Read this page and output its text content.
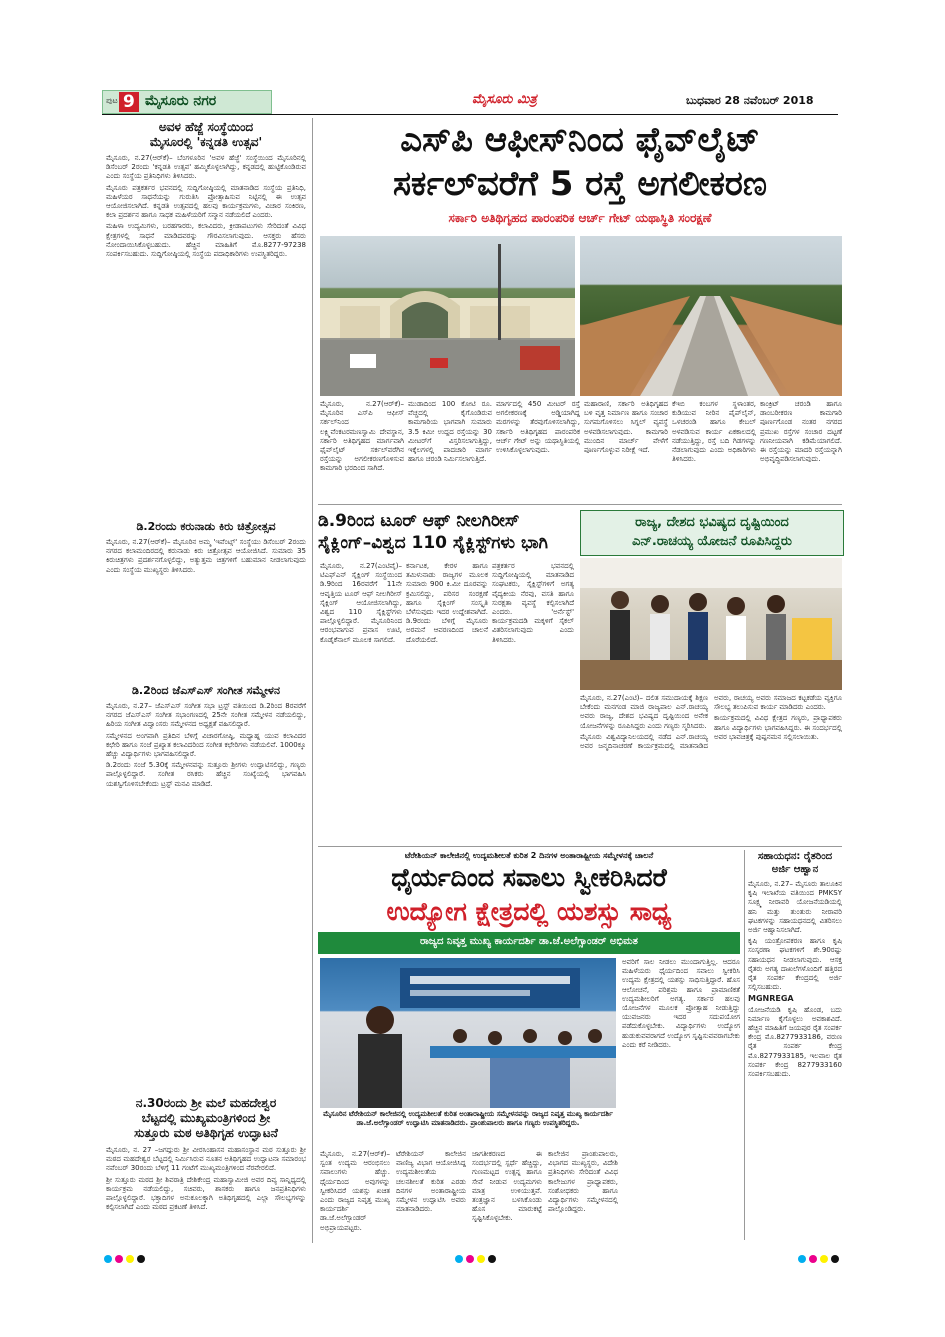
ಪುಟ 9 ಮೈಸೂರು ನಗರ	ಮೈಸೂರು ಮಿತ್ರ	ಬುಧವಾರ 28 ನವೆಂಬರ್ 2018
ಅವಳ ಹೆಜ್ಜೆ ಸಂಸ್ಥೆಯಿಂದ
ಮೈಸೂರಲ್ಲಿ 'ಕನ್ನಡತಿ ಉತ್ಸವ'

ಮೈಸೂರು, ನ.27(ಆರ್‌ಕೆ)– ಬೆಂಗಳೂರಿನ 'ಅವಳ ಹೆಜ್ಜೆ' ಸಂಸ್ಥೆಯಿಂದ ಮೈಸೂರಿನಲ್ಲಿ ಡಿಸೆಂಬರ್ 2ರಂದು 'ಕನ್ನಡತಿ ಉತ್ಸವ' ಹಮ್ಮಿಕೊಳ್ಳಲಾಗಿದ್ದು, ಕನ್ನಡದಲ್ಲಿ ಹುಟ್ಟಿಕೊಂಡಿರುವ ಎಂದು ಸಂಸ್ಥೆಯ ಪ್ರತಿನಿಧಿಗಳು ತಿಳಿಸಿದರು.

ಮೈಸೂರು ಪತ್ರಕರ್ತರ ಭವನದಲ್ಲಿ ಸುದ್ದಿಗೋಷ್ಠಿಯಲ್ಲಿ ಮಾತನಾಡಿದ ಸಂಸ್ಥೆಯ ಪ್ರತಿನಿಧಿ, ಮಹಿಳೆಯರ ಸಾಧನೆಯನ್ನು ಗುರುತಿಸಿ ಪ್ರೋತ್ಸಾಹಿಸುವ ನಿಟ್ಟಿನಲ್ಲಿ ಈ ಉತ್ಸವ ಆಯೋಜಿಸಲಾಗಿದೆ. ಕನ್ನಡತಿ ಉತ್ಸವದಲ್ಲಿ ಹಲವು ಕಾರ್ಯಕ್ರಮಗಳು, ವಿಚಾರ ಸಂಕಿರಣ, ಕಲಾ ಪ್ರದರ್ಶನ ಹಾಗೂ ಸಾಧಕ ಮಹಿಳೆಯರಿಗೆ ಸನ್ಮಾನ ನಡೆಯಲಿದೆ ಎಂದರು.

ಮಹಿಳಾ ಉದ್ಯಮಿಗಳು, ಬರಹಗಾರರು, ಕಲಾವಿದರು, ಕ್ರೀಡಾಪಟುಗಳು ಸೇರಿದಂತೆ ವಿವಿಧ ಕ್ಷೇತ್ರಗಳಲ್ಲಿ ಸಾಧನೆ ಮಾಡಿದವರನ್ನು ಗೌರವಿಸಲಾಗುವುದು. ಆಸಕ್ತರು ಹೆಸರು ನೋಂದಾಯಿಸಿಕೊಳ್ಳಬಹುದು. ಹೆಚ್ಚಿನ ಮಾಹಿತಿಗೆ ಮೊ.8277-97238 ಸಂಪರ್ಕಿಸಬಹುದು. ಸುದ್ದಿಗೋಷ್ಠಿಯಲ್ಲಿ ಸಂಸ್ಥೆಯ ಪದಾಧಿಕಾರಿಗಳು ಉಪಸ್ಥಿತರಿದ್ದರು.

ಡಿ.2ರಂದು ಕರುನಾಡು ಕಿರು ಚಿತ್ರೋತ್ಸವ

ಮೈಸೂರು, ನ.27(ಆರ್‌ಕೆ)– ಮೈಸೂರಿನ ಅಮ್ಮ 'ಇವೆಂಟ್ಸ್' ಸಂಸ್ಥೆಯು ಡಿಸೆಂಬರ್ 2ರಂದು ನಗರದ ಕಲಾಮಂದಿರದಲ್ಲಿ ಕರುನಾಡು ಕಿರು ಚಿತ್ರೋತ್ಸವ ಆಯೋಜಿಸಿದೆ. ಸುಮಾರು 35 ಕಿರುಚಿತ್ರಗಳು ಪ್ರದರ್ಶನಗೊಳ್ಳಲಿದ್ದು, ಅತ್ಯುತ್ತಮ ಚಿತ್ರಗಳಿಗೆ ಬಹುಮಾನ ನೀಡಲಾಗುವುದು ಎಂದು ಸಂಸ್ಥೆಯ ಮುಖ್ಯಸ್ಥರು ತಿಳಿಸಿದರು.

ಡಿ.2ರಿಂದ ಜೆಎಸ್‌ಎಸ್ ಸಂಗೀತ ಸಮ್ಮೇಳನ

ಮೈಸೂರು, ನ.27– ಜೆಎಸ್‌ಎಸ್ ಸಂಗೀತ ಸಭಾ ಟ್ರಸ್ಟ್ ವತಿಯಿಂದ ಡಿ.2ರಿಂದ 8ರವರೆಗೆ ನಗರದ ಜೆಎಸ್‌ಎಸ್ ಸಂಗೀತ ಸಭಾಂಗಣದಲ್ಲಿ 25ನೇ ಸಂಗೀತ ಸಮ್ಮೇಳನ ನಡೆಯಲಿದ್ದು, ಹಿರಿಯ ಸಂಗೀತ ವಿದ್ವಾಂಸರು ಸಮ್ಮೇಳನದ ಅಧ್ಯಕ್ಷತೆ ವಹಿಸಲಿದ್ದಾರೆ.

ಸಮ್ಮೇಳನದ ಅಂಗವಾಗಿ ಪ್ರತಿದಿನ ಬೆಳಿಗ್ಗೆ ವಿಚಾರಗೋಷ್ಠಿ, ಮಧ್ಯಾಹ್ನ ಯುವ ಕಲಾವಿದರ ಕಛೇರಿ ಹಾಗೂ ಸಂಜೆ ಪ್ರಖ್ಯಾತ ಕಲಾವಿದರಿಂದ ಸಂಗೀತ ಕಛೇರಿಗಳು ನಡೆಯಲಿವೆ. 1000ಕ್ಕೂ ಹೆಚ್ಚು ವಿದ್ಯಾರ್ಥಿಗಳು ಭಾಗವಹಿಸಲಿದ್ದಾರೆ.

ಡಿ.2ರಂದು ಸಂಜೆ 5.30ಕ್ಕೆ ಸಮ್ಮೇಳನವನ್ನು ಸುತ್ತೂರು ಶ್ರೀಗಳು ಉದ್ಘಾಟಿಸಲಿದ್ದು, ಗಣ್ಯರು ಪಾಲ್ಗೊಳ್ಳಲಿದ್ದಾರೆ. ಸಂಗೀತ ರಸಿಕರು ಹೆಚ್ಚಿನ ಸಂಖ್ಯೆಯಲ್ಲಿ ಭಾಗವಹಿಸಿ ಯಶಸ್ವಿಗೊಳಿಸಬೇಕೆಂದು ಟ್ರಸ್ಟ್ ಮನವಿ ಮಾಡಿದೆ.

ನ.30ರಂದು ಶ್ರೀ ಮಲೆ ಮಹದೇಶ್ವರ
ಬೆಟ್ಟದಲ್ಲಿ ಮುಖ್ಯಮಂತ್ರಿಗಳಿಂದ ಶ್ರೀ
ಸುತ್ತೂರು ಮಠ ಅತಿಥಿಗೃಹ ಉದ್ಘಾಟನೆ

ಮೈಸೂರು, ನ. 27 –ಜಗದ್ಗುರು ಶ್ರೀ ವೀರಸಿಂಹಾಸನ ಮಹಾಸಂಸ್ಥಾನ ಮಠ ಸುತ್ತೂರು ಶ್ರೀ ಮಠದ ಮಹದೇಶ್ವರ ಬೆಟ್ಟದಲ್ಲಿ ನಿರ್ಮಿಸಿರುವ ನೂತನ ಅತಿಥಿಗೃಹದ ಉದ್ಘಾಟನಾ ಸಮಾರಂಭ ನವೆಂಬರ್ 30ರಂದು ಬೆಳಿಗ್ಗೆ 11 ಗಂಟೆಗೆ ಮುಖ್ಯಮಂತ್ರಿಗಳಿಂದ ನೆರವೇರಲಿದೆ.

ಶ್ರೀ ಸುತ್ತೂರು ಮಠದ ಶ್ರೀ ಶಿವರಾತ್ರಿ ದೇಶಿಕೇಂದ್ರ ಮಹಾಸ್ವಾಮೀಜಿ ಅವರ ದಿವ್ಯ ಸಾನ್ನಿಧ್ಯದಲ್ಲಿ ಕಾರ್ಯಕ್ರಮ ನಡೆಯಲಿದ್ದು, ಸಚಿವರು, ಶಾಸಕರು ಹಾಗೂ ಜನಪ್ರತಿನಿಧಿಗಳು ಪಾಲ್ಗೊಳ್ಳಲಿದ್ದಾರೆ. ಭಕ್ತಾದಿಗಳ ಅನುಕೂಲಕ್ಕಾಗಿ ಅತಿಥಿಗೃಹದಲ್ಲಿ ಎಲ್ಲಾ ಸೌಲಭ್ಯಗಳನ್ನು ಕಲ್ಪಿಸಲಾಗಿದೆ ಎಂದು ಮಠದ ಪ್ರಕಟಣೆ ತಿಳಿಸಿದೆ.

ಎಸ್‌ಪಿ ಆಫೀಸ್‌ನಿಂದ ಫೈವ್‌ಲೈಟ್
ಸರ್ಕಲ್‌ವರೆಗೆ 5 ರಸ್ತೆ ಅಗಲೀಕರಣ
ಸರ್ಕಾರಿ ಅತಿಥಿಗೃಹದ ಪಾರಂಪರಿಕ ಆರ್ಚ್ ಗೇಟ್ ಯಥಾಸ್ಥಿತಿ ಸಂರಕ್ಷಣೆ
ಮೈಸೂರು, ನ.27(ಆರ್‌ಕೆ)–ಮೈಸೂರಿನ ಎಸ್‌ಪಿ ಆಫೀಸ್ ಸರ್ಕಲ್‌ನಿಂದ ಲಕ್ಷ್ಮಿವೆಂಕಟರಮಣಸ್ವಾಮಿ ದೇವಸ್ಥಾನ, ಸರ್ಕಾರಿ ಅತಿಥಿಗೃಹದ ಮಾರ್ಗವಾಗಿ ಫೈವ್‌ಲೈಟ್ ಸರ್ಕಲ್‌ವರೆಗಿನ ರಸ್ತೆಯನ್ನು ಅಗಲೀಕರಣಗೊಳಿಸುವ ಕಾಮಗಾರಿ ಭರದಿಂದ ಸಾಗಿದೆ.
ಮುಡಾದಿಂದ 100 ಕೋಟಿ ರೂ. ವೆಚ್ಚದಲ್ಲಿ ಕೈಗೊಂಡಿರುವ ಕಾಮಗಾರಿಯ ಭಾಗವಾಗಿ ಸುಮಾರು 3.5 ಕಿಮೀ ಉದ್ದದ ರಸ್ತೆಯನ್ನು 30 ಮೀಟರ್‌ಗೆ ವಿಸ್ತರಿಸಲಾಗುತ್ತಿದ್ದು, ಇಕ್ಕೆಲಗಳಲ್ಲಿ ಪಾದಚಾರಿ ಮಾರ್ಗ ಹಾಗೂ ಚರಂಡಿ ನಿರ್ಮಿಸಲಾಗುತ್ತಿದೆ.
ಮಾರ್ಗದಲ್ಲಿ 450 ಮೀಟರ್ ರಸ್ತೆ ಅಗಲೀಕರಣಕ್ಕೆ ಅಡ್ಡಿಯಾಗಿದ್ದ ಮರಗಳನ್ನು ತೆರವುಗೊಳಿಸಲಾಗಿದ್ದು, ಸರ್ಕಾರಿ ಅತಿಥಿಗೃಹದ ಪಾರಂಪರಿಕ ಆರ್ಚ್ ಗೇಟ್ ಅನ್ನು ಯಥಾಸ್ಥಿತಿಯಲ್ಲಿ ಉಳಿಸಿಕೊಳ್ಳಲಾಗುವುದು.
ಮಹಾರಾಣಿ, ಸರ್ಕಾರಿ ಅತಿಥಿಗೃಹದ ಬಳಿ ವೃತ್ತ ನಿರ್ಮಾಣ ಹಾಗೂ ಸಂಚಾರ ಸುಗಮಗೊಳಿಸಲು ಸಿಗ್ನಲ್ ವ್ಯವಸ್ಥೆ ಅಳವಡಿಸಲಾಗುವುದು. ಕಾಮಗಾರಿ ಮುಂದಿನ ಮಾರ್ಚ್ ವೇಳೆಗೆ ಪೂರ್ಣಗೊಳ್ಳುವ ನಿರೀಕ್ಷೆ ಇದೆ.
ಕೆಇಬಿ ಕಂಬಗಳ ಸ್ಥಳಾಂತರ, ಕುಡಿಯುವ ನೀರಿನ ಪೈಪ್‌ಲೈನ್, ಒಳಚರಂಡಿ ಹಾಗೂ ಕೇಬಲ್ ಅಳವಡಿಸುವ ಕಾರ್ಯ ಏಕಕಾಲದಲ್ಲಿ ನಡೆಯುತ್ತಿದ್ದು, ರಸ್ತೆ ಬದಿ ಗಿಡಗಳನ್ನು ನೆಡಲಾಗುವುದು ಎಂದು ಅಧಿಕಾರಿಗಳು ತಿಳಿಸಿದರು.
ಕಾಂಕ್ರಿಟ್ ಚರಂಡಿ ಹಾಗೂ ಡಾಂಬರೀಕರಣ ಕಾಮಗಾರಿ ಪೂರ್ಣಗೊಂಡ ನಂತರ ನಗರದ ಪ್ರಮುಖ ರಸ್ತೆಗಳ ಸಂಚಾರ ದಟ್ಟಣೆ ಗಣನೀಯವಾಗಿ ಕಡಿಮೆಯಾಗಲಿದೆ. ಈ ರಸ್ತೆಯನ್ನು ಮಾದರಿ ರಸ್ತೆಯನ್ನಾಗಿ ಅಭಿವೃದ್ಧಿಪಡಿಸಲಾಗುವುದು.
ಡಿ.9ರಿಂದ ಟೂರ್ ಆಫ್ ನೀಲಗಿರೀಸ್
ಸೈಕ್ಲಿಂಗ್–ವಿಶ್ವದ 110 ಸೈಕ್ಲಿಸ್ಟ್‌ಗಳು ಭಾಗಿ
ಮೈಸೂರು, ನ.27(ಎಂಟಿವೈ)– ಟಿಎಫ್‌ಎನ್ ಸೈಕ್ಲಿಂಗ್ ಸಂಸ್ಥೆಯಿಂದ ಡಿ.9ರಿಂದ 16ರವರೆಗೆ 11ನೇ ಆವೃತ್ತಿಯ ಟೂರ್ ಆಫ್ ನೀಲಗಿರೀಸ್ ಸೈಕ್ಲಿಂಗ್ ಆಯೋಜಿಸಲಾಗಿದ್ದು, ವಿಶ್ವದ 110 ಸೈಕ್ಲಿಸ್ಟ್‌ಗಳು ಪಾಲ್ಗೊಳ್ಳಲಿದ್ದಾರೆ. ಮೈಸೂರಿನಿಂದ ಆರಂಭವಾಗುವ ಪ್ರವಾಸ ಊಟಿ, ಕೊಡೈಕೆನಾಲ್ ಮೂಲಕ ಸಾಗಲಿದೆ.
ಕರ್ನಾಟಕ, ಕೇರಳ ಹಾಗೂ ತಮಿಳುನಾಡು ರಾಜ್ಯಗಳ ಮೂಲಕ ಸುಮಾರು 900 ಕಿ.ಮೀ ದೂರವನ್ನು ಕ್ರಮಿಸಲಿದ್ದು, ಪರಿಸರ ಸಂರಕ್ಷಣೆ ಹಾಗೂ ಸೈಕ್ಲಿಂಗ್ ಸಂಸ್ಕೃತಿ ಬೆಳೆಸುವುದು ಇದರ ಉದ್ದೇಶವಾಗಿದೆ. ಡಿ.9ರಂದು ಬೆಳಿಗ್ಗೆ ಮೈಸೂರು ಅರಮನೆ ಆವರಣದಿಂದ ಚಾಲನೆ ದೊರೆಯಲಿದೆ.
ಪತ್ರಕರ್ತರ ಭವನದಲ್ಲಿ ಸುದ್ದಿಗೋಷ್ಠಿಯಲ್ಲಿ ಮಾತನಾಡಿದ ಸಂಘಟಕರು, ಸೈಕ್ಲಿಸ್ಟ್‌ಗಳಿಗೆ ಅಗತ್ಯ ವೈದ್ಯಕೀಯ ನೆರವು, ವಸತಿ ಹಾಗೂ ಸುರಕ್ಷತಾ ವ್ಯವಸ್ಥೆ ಕಲ್ಪಿಸಲಾಗಿದೆ ಎಂದರು. 'ಅರ್ನೆಸ್ಟ್' ಕಾರ್ಯಕ್ರಮದಡಿ ಮಕ್ಕಳಿಗೆ ಸೈಕಲ್ ವಿತರಿಸಲಾಗುವುದು ಎಂದು ತಿಳಿಸಿದರು.
ರಾಜ್ಯ, ದೇಶದ ಭವಿಷ್ಯದ ದೃಷ್ಟಿಯಿಂದ
ಎನ್.ರಾಚಯ್ಯ ಯೋಜನೆ ರೂಪಿಸಿದ್ದರು

ಮೈಸೂರು, ನ.27(ಎಂಟಿ)– ದಲಿತ ಸಮುದಾಯಕ್ಕೆ ಶಿಕ್ಷಣ ಬೇಕೆಂದು ಮನಗಂಡ ಮಾಜಿ ರಾಜ್ಯಪಾಲ ಎನ್.ರಾಚಯ್ಯ ಅವರು ರಾಜ್ಯ, ದೇಶದ ಭವಿಷ್ಯದ ದೃಷ್ಟಿಯಿಂದ ಅನೇಕ ಯೋಜನೆಗಳನ್ನು ರೂಪಿಸಿದ್ದರು ಎಂದು ಗಣ್ಯರು ಸ್ಮರಿಸಿದರು.

ಮೈಸೂರು ವಿಶ್ವವಿದ್ಯಾನಿಲಯದಲ್ಲಿ ನಡೆದ ಎನ್.ರಾಚಯ್ಯ ಅವರ ಜನ್ಮದಿನಾಚರಣೆ ಕಾರ್ಯಕ್ರಮದಲ್ಲಿ ಮಾತನಾಡಿದ ಅವರು, ರಾಚಯ್ಯ ಅವರು ಸಮಾಜದ ಕಟ್ಟಕಡೆಯ ವ್ಯಕ್ತಿಗೂ ಸೌಲಭ್ಯ ತಲುಪಿಸುವ ಕಾರ್ಯ ಮಾಡಿದರು ಎಂದರು.

ಕಾರ್ಯಕ್ರಮದಲ್ಲಿ ವಿವಿಧ ಕ್ಷೇತ್ರದ ಗಣ್ಯರು, ಪ್ರಾಧ್ಯಾಪಕರು ಹಾಗೂ ವಿದ್ಯಾರ್ಥಿಗಳು ಭಾಗವಹಿಸಿದ್ದರು. ಈ ಸಂದರ್ಭದಲ್ಲಿ ಅವರ ಭಾವಚಿತ್ರಕ್ಕೆ ಪುಷ್ಪನಮನ ಸಲ್ಲಿಸಲಾಯಿತು.

ಟೆರೇಶಿಯನ್ ಕಾಲೇಜಿನಲ್ಲಿ ಉದ್ಯಮಶೀಲತೆ ಕುರಿತ 2 ದಿನಗಳ ಅಂತಾರಾಷ್ಟ್ರೀಯ ಸಮ್ಮೇಳನಕ್ಕೆ ಚಾಲನೆ
ಧೈರ್ಯದಿಂದ ಸವಾಲು ಸ್ವೀಕರಿಸಿದರೆ
ಉದ್ಯೋಗ ಕ್ಷೇತ್ರದಲ್ಲಿ ಯಶಸ್ಸು ಸಾಧ್ಯ
ರಾಜ್ಯದ ನಿವೃತ್ತ ಮುಖ್ಯ ಕಾರ್ಯದರ್ಶಿ ಡಾ.ಜೆ.ಅಲೆಗ್ಸಾಂಡರ್ ಅಭಿಮತ
ಮೈಸೂರಿನ ಟೆರೇಶಿಯನ್ ಕಾಲೇಜಿನಲ್ಲಿ ಉದ್ಯಮಶೀಲತೆ ಕುರಿತ ಅಂತಾರಾಷ್ಟ್ರೀಯ ಸಮ್ಮೇಳನವನ್ನು ರಾಜ್ಯದ ನಿವೃತ್ತ ಮುಖ್ಯ ಕಾರ್ಯದರ್ಶಿ ಡಾ.ಜೆ.ಅಲೆಗ್ಸಾಂಡರ್ ಉದ್ಘಾಟಿಸಿ ಮಾತನಾಡಿದರು. ಪ್ರಾಂಶುಪಾಲರು ಹಾಗೂ ಗಣ್ಯರು ಉಪಸ್ಥಿತರಿದ್ದರು.
ಅವರಿಗೆ ಸಾಲ ನೀಡಲು ಮುಂದಾಗುತ್ತಿಲ್ಲ. ಆದರೂ ಮಹಿಳೆಯರು ಧೈರ್ಯದಿಂದ ಸವಾಲು ಸ್ವೀಕರಿಸಿ ಉದ್ಯಮ ಕ್ಷೇತ್ರದಲ್ಲಿ ಯಶಸ್ಸು ಸಾಧಿಸುತ್ತಿದ್ದಾರೆ. ಹೊಸ ಆಲೋಚನೆ, ಪರಿಶ್ರಮ ಹಾಗೂ ಪ್ರಾಮಾಣಿಕತೆ ಉದ್ಯಮಶೀಲರಿಗೆ ಅಗತ್ಯ. ಸರ್ಕಾರ ಹಲವು ಯೋಜನೆಗಳ ಮೂಲಕ ಪ್ರೋತ್ಸಾಹ ನೀಡುತ್ತಿದ್ದು ಯುವಜನರು ಇದರ ಸದುಪಯೋಗ ಪಡೆದುಕೊಳ್ಳಬೇಕು. ವಿದ್ಯಾರ್ಥಿಗಳು ಉದ್ಯೋಗ ಹುಡುಕುವವರಾಗದೆ ಉದ್ಯೋಗ ಸೃಷ್ಟಿಸುವವರಾಗಬೇಕು ಎಂದು ಕರೆ ನೀಡಿದರು.
ಮೈಸೂರು, ನ.27(ಆರ್‌ಕೆ)– ಸ್ವಂತ ಉದ್ಯಮ ಆರಂಭಿಸಲು ಸವಾಲುಗಳು ಹೆಚ್ಚು. ಧೈರ್ಯದಿಂದ ಅವುಗಳನ್ನು ಸ್ವೀಕರಿಸಿದರೆ ಯಶಸ್ಸು ಖಚಿತ ಎಂದು ರಾಜ್ಯದ ನಿವೃತ್ತ ಮುಖ್ಯ ಕಾರ್ಯದರ್ಶಿ ಡಾ.ಜೆ.ಅಲೆಗ್ಸಾಂಡರ್ ಅಭಿಪ್ರಾಯಪಟ್ಟರು.
ಟೆರೇಶಿಯನ್ ಕಾಲೇಜಿನ ವಾಣಿಜ್ಯ ವಿಭಾಗ ಆಯೋಜಿಸಿದ್ದ ಉದ್ಯಮಶೀಲತೆಯ ಚಲನಶೀಲತೆ ಕುರಿತ ಎರಡು ದಿನಗಳ ಅಂತಾರಾಷ್ಟ್ರೀಯ ಸಮ್ಮೇಳನ ಉದ್ಘಾಟಿಸಿ ಅವರು ಮಾತನಾಡಿದರು.
ಜಾಗತೀಕರಣದ ಈ ಸಂದರ್ಭದಲ್ಲಿ ಸ್ಪರ್ಧೆ ಹೆಚ್ಚಿದ್ದು, ಗುಣಮಟ್ಟದ ಉತ್ಪನ್ನ ಹಾಗೂ ಸೇವೆ ನೀಡುವ ಉದ್ಯಮಗಳು ಮಾತ್ರ ಉಳಿಯುತ್ತವೆ. ತಂತ್ರಜ್ಞಾನ ಬಳಸಿಕೊಂಡು ಹೊಸ ಮಾರುಕಟ್ಟೆ ಸೃಷ್ಟಿಸಿಕೊಳ್ಳಬೇಕು.
ಕಾಲೇಜಿನ ಪ್ರಾಂಶುಪಾಲರು, ವಿಭಾಗದ ಮುಖ್ಯಸ್ಥರು, ವಿದೇಶಿ ಪ್ರತಿನಿಧಿಗಳು ಸೇರಿದಂತೆ ವಿವಿಧ ಕಾಲೇಜುಗಳ ಪ್ರಾಧ್ಯಾಪಕರು, ಸಂಶೋಧಕರು ಹಾಗೂ ವಿದ್ಯಾರ್ಥಿಗಳು ಸಮ್ಮೇಳನದಲ್ಲಿ ಪಾಲ್ಗೊಂಡಿದ್ದರು.
ಸಹಾಯಧನ: ರೈತರಿಂದ
ಅರ್ಜಿ ಆಹ್ವಾನ

ಮೈಸೂರು, ನ.27– ಮೈಸೂರು ತಾಲೂಕಿನ ಕೃಷಿ ಇಲಾಖೆಯ ವತಿಯಿಂದ PMKSY ಸೂಕ್ಷ್ಮ ನೀರಾವರಿ ಯೋಜನೆಯಡಿಯಲ್ಲಿ ಹನಿ ಮತ್ತು ತುಂತುರು ನೀರಾವರಿ ಘಟಕಗಳನ್ನು ಸಹಾಯಧನದಲ್ಲಿ ವಿತರಿಸಲು ಅರ್ಜಿ ಆಹ್ವಾನಿಸಲಾಗಿದೆ.

ಕೃಷಿ ಯಂತ್ರೋಪಕರಣ ಹಾಗೂ ಕೃಷಿ ಸಂಸ್ಕರಣಾ ಘಟಕಗಳಿಗೆ ಶೇ.90ರಷ್ಟು ಸಹಾಯಧನ ನೀಡಲಾಗುವುದು. ಆಸಕ್ತ ರೈತರು ಅಗತ್ಯ ದಾಖಲೆಗಳೊಂದಿಗೆ ಹತ್ತಿರದ ರೈತ ಸಂಪರ್ಕ ಕೇಂದ್ರದಲ್ಲಿ ಅರ್ಜಿ ಸಲ್ಲಿಸಬಹುದು.

MGNREGA

ಯೋಜನೆಯಡಿ ಕೃಷಿ ಹೊಂಡ, ಬದು ನಿರ್ಮಾಣ ಕೈಗೊಳ್ಳಲು ಅವಕಾಶವಿದೆ. ಹೆಚ್ಚಿನ ಮಾಹಿತಿಗೆ ಜಯಪುರ ರೈತ ಸಂಪರ್ಕ ಕೇಂದ್ರ ಮೊ.8277933186, ವರುಣ ರೈತ ಸಂಪರ್ಕ ಕೇಂದ್ರ ಮೊ.8277933185, ಇಲವಾಲ ರೈತ ಸಂಪರ್ಕ ಕೇಂದ್ರ 8277933160 ಸಂಪರ್ಕಿಸಬಹುದು.
